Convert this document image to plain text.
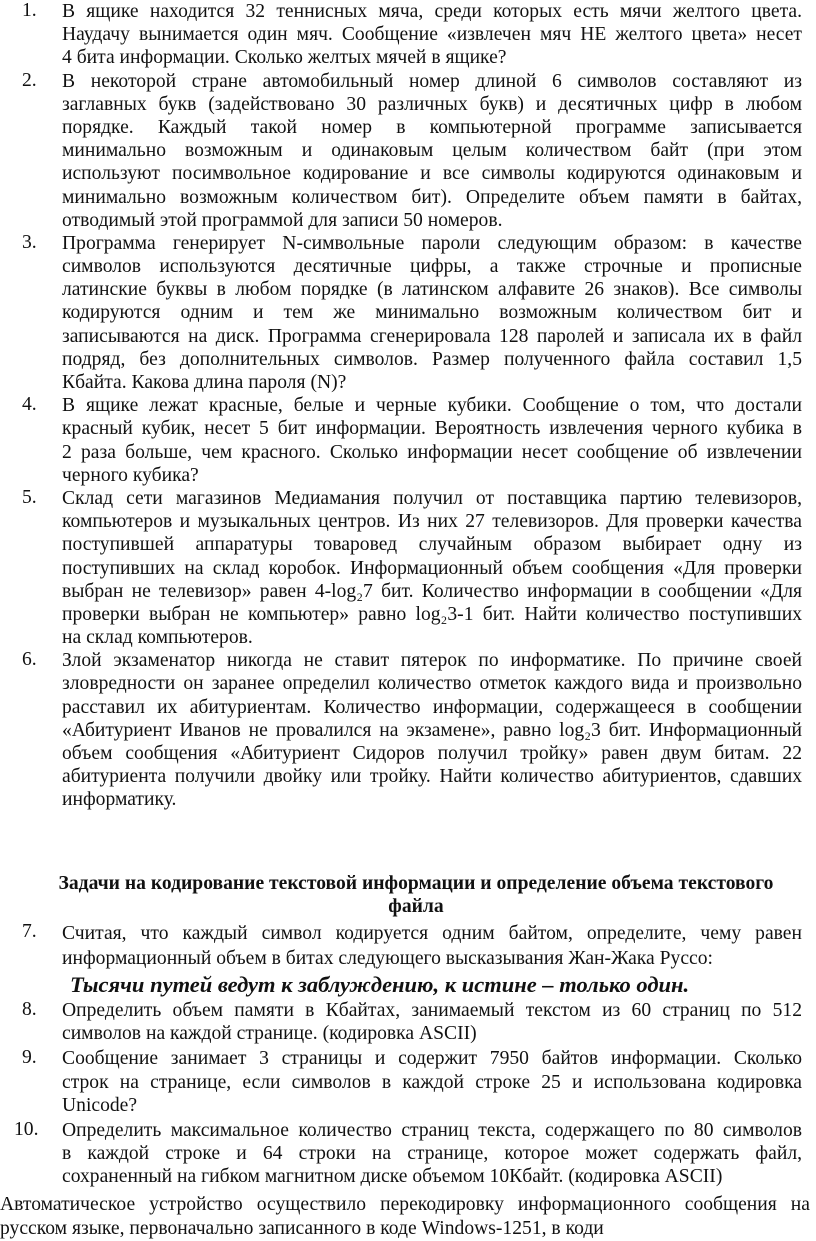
1. В ящике находится 32 теннисных мяча, среди которых есть мячи желтого цвета.
Наудачу вынимается один мяч. Сообщение «извлечен мяч НЕ желтого цвета» несет
4 бита информации. Сколько желтых мячей в ящике?
2. В некоторой стране автомобильный номер длиной 6 символов составляют из
заглавных букв (задействовано 30 различных букв) и десятичных цифр в любом
порядке. Каждый такой номер в компьютерной программе записывается
минимально возможным и одинаковым целым количеством байт (при этом
используют посимвольное кодирование и все символы кодируются одинаковым и
минимально возможным количеством бит). Определите объем памяти в байтах,
отводимый этой программой для записи 50 номеров.
3. Программа генерирует N-символьные пароли следующим образом: в качестве
символов используются десятичные цифры, а также строчные и прописные
латинские буквы в любом порядке (в латинском алфавите 26 знаков). Все символы
кодируются одним и тем же минимально возможным количеством бит и
записываются на диск. Программа сгенерировала 128 паролей и записала их в файл
подряд, без дополнительных символов. Размер полученного файла составил 1,5
Кбайта. Какова длина пароля (N)?
4. В ящике лежат красные, белые и черные кубики. Сообщение о том, что достали
красный кубик, несет 5 бит информации. Вероятность извлечения черного кубика в
2 раза больше, чем красного. Сколько информации несет сообщение об извлечении
черного кубика?
5. Склад сети магазинов Медиамания получил от поставщика партию телевизоров,
компьютеров и музыкальных центров. Из них 27 телевизоров. Для проверки качества
поступившей аппаратуры товаровед случайным образом выбирает одну из
поступивших на склад коробок. Информационный объем сообщения «Для проверки
выбран не телевизор» равен 4-log₂7 бит. Количество информации в сообщении «Для
проверки выбран не компьютер» равно log₂3-1 бит. Найти количество поступивших
на склад компьютеров.
6. Злой экзаменатор никогда не ставит пятерок по информатике. По причине своей
зловредности он заранее определил количество отметок каждого вида и произвольно
расставил их абитуриентам. Количество информации, содержащееся в сообщении
«Абитуриент Иванов не провалился на экзамене», равно log₂3 бит. Информационный
объем сообщения «Абитуриент Сидоров получил тройку» равен двум битам. 22
абитуриента получили двойку или тройку. Найти количество абитуриентов, сдавших
информатику.
Задачи на кодирование текстовой информации и определение объема текстового
файла
7. Считая, что каждый символ кодируется одним байтом, определите, чему равен
информационный объем в битах следующего высказывания Жан-Жака Руссо:
Тысячи путей ведут к заблуждению, к истине – только один.
8. Определить объем памяти в Кбайтах, занимаемый текстом из 60 страниц по 512
символов на каждой странице. (кодировка ASCII)
9. Сообщение занимает 3 страницы и содержит 7950 байтов информации. Сколько
строк на странице, если символов в каждой строке 25 и использована кодировка
Unicode?
10. Определить максимальное количество страниц текста, содержащего по 80 символов
в каждой строке и 64 строки на странице, которое может содержать файл,
сохраненный на гибком магнитном диске объемом 10Кбайт. (кодировка ASCII)
Автоматическое устройство осуществило перекодировку информационного сообщения на
русском языке, первоначально записанного в коде Windows-1251, в коди
